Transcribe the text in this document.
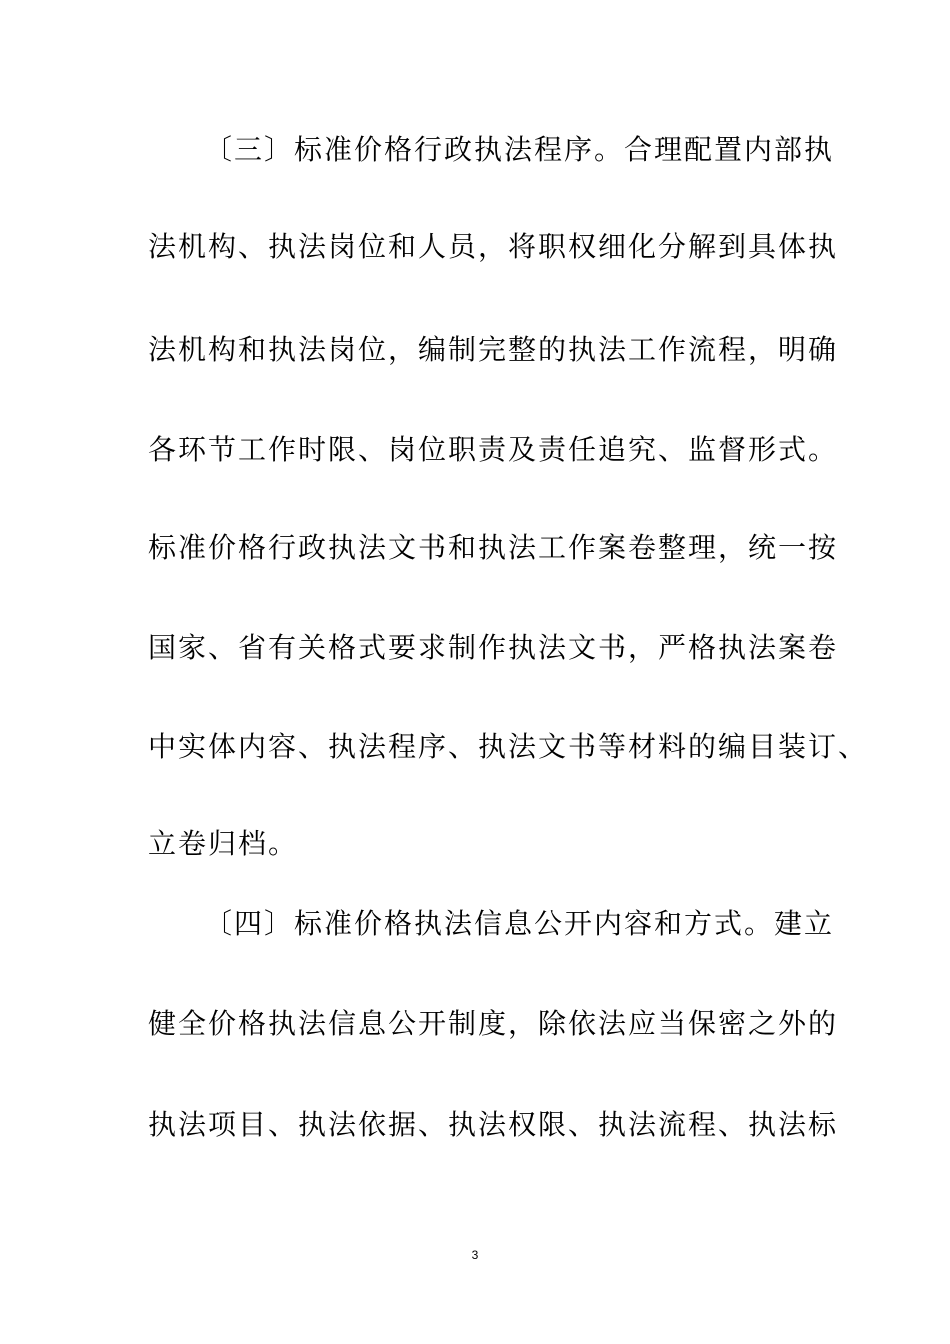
〔三〕标准价格行政执法程序。合理配置内部执
法机构、执法岗位和人员，将职权细化分解到具体执
法机构和执法岗位，编制完整的执法工作流程，明确
各环节工作时限、岗位职责及责任追究、监督形式。
标准价格行政执法文书和执法工作案卷整理，统一按
国家、省有关格式要求制作执法文书，严格执法案卷
中实体内容、执法程序、执法文书等材料的编目装订、
立卷归档。
〔四〕标准价格执法信息公开内容和方式。建立
健全价格执法信息公开制度，除依法应当保密之外的
执法项目、执法依据、执法权限、执法流程、执法标
3
